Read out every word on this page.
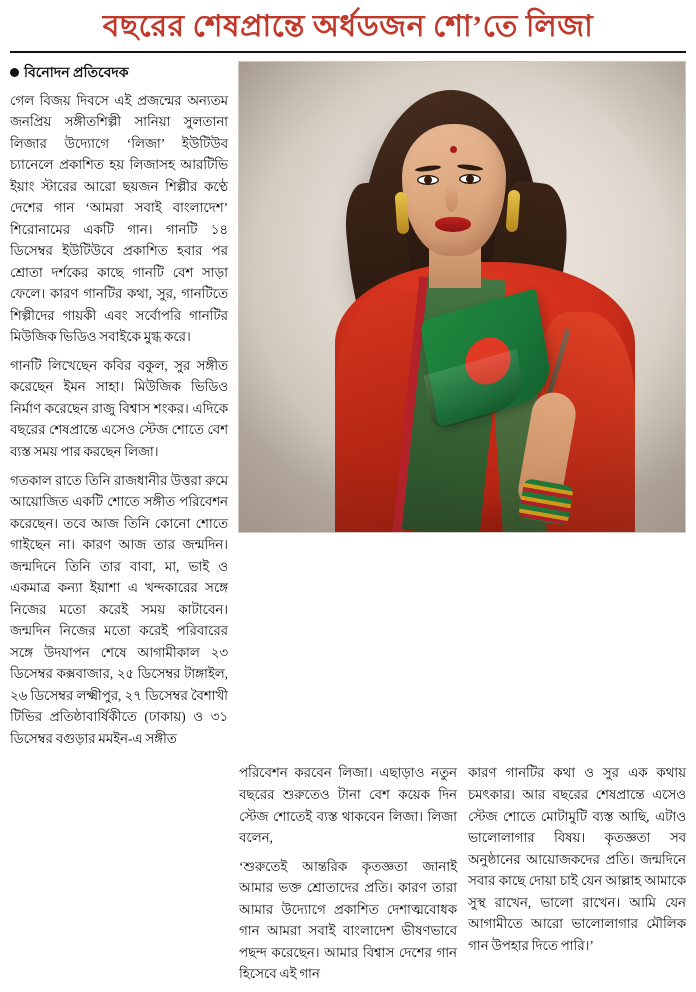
বছরের শেষপ্রান্তে অর্ধডজন শো’তে লিজা
বিনোদন প্রতিবেদক

গেল বিজয় দিবসে এই প্রজন্মের অন্যতম জনপ্রিয় সঙ্গীতশিল্পী সানিয়া সুলতানা লিজার উদ্যোগে ‘লিজা’ ইউটিউব চ্যানেলে প্রকাশিত হয় লিজাসহ আরটিভি ইয়াং স্টারের আরো ছয়জন শিল্পীর কণ্ঠে দেশের গান ‘আমরা সবাই বাংলাদেশ’ শিরোনামের একটি গান। গানটি ১৪ ডিসেম্বর ইউটিউবে প্রকাশিত হবার পর শ্রোতা দর্শকের কাছে গানটি বেশ সাড়া ফেলে। কারণ গানটির কথা, সুর, গানটিতে শিল্পীদের গায়কী এবং সর্বোপরি গানটির মিউজিক ভিডিও সবাইকে মুগ্ধ করে।

গানটি লিখেছেন কবির বকুল, সুর সঙ্গীত করেছেন ইমন সাহা। মিউজিক ভিডিও নির্মাণ করেছেন রাজু বিশ্বাস শংকর। এদিকে বছরের শেষপ্রান্তে এসেও স্টেজ শোতে বেশ ব্যস্ত সময় পার করছেন লিজা।

গতকাল রাতে তিনি রাজধানীর উত্তরা রুমে আয়োজিত একটি শোতে সঙ্গীত পরিবেশন করেছেন। তবে আজ তিনি কোনো শোতে গাইছেন না। কারণ আজ তার জন্মদিন। জন্মদিনে তিনি তার বাবা, মা, ভাই ও একমাত্র কন্যা ইয়াশা এ খন্দকারের সঙ্গে নিজের মতো করেই সময় কাটাবেন। জন্মদিন নিজের মতো করেই পরিবারের সঙ্গে উদযাপন শেষে আগামীকাল ২৩ ডিসেম্বর কক্সবাজার, ২৫ ডিসেম্বর টাঙ্গাইল, ২৬ ডিসেম্বর লক্ষ্মীপুর, ২৭ ডিসেম্বর বৈশাখী টিভির প্রতিষ্ঠাবার্ষিকীতে (ঢাকায়) ও ৩১ ডিসেম্বর বগুড়ার মমইন-এ সঙ্গীত

পরিবেশন করবেন লিজা। এছাড়াও নতুন বছরের শুরুতেও টানা বেশ কয়েক দিন স্টেজ শোতেই ব্যস্ত থাকবেন লিজা। লিজা বলেন,

‘শুরুতেই আন্তরিক কৃতজ্ঞতা জানাই আমার ভক্ত শ্রোতাদের প্রতি। কারণ তারা আমার উদ্যোগে প্রকাশিত দেশাত্মবোধক গান আমরা সবাই বাংলাদেশ ভীষণভাবে পছন্দ করেছেন। আমার বিশ্বাস দেশের গান হিসেবে এই গান

কারণ গানটির কথা ও সুর এক কথায় চমৎকার। আর বছরের শেষপ্রান্তে এসেও স্টেজ শোতে মোটামুটি ব্যস্ত আছি, এটাও ভালোলাগার বিষয়। কৃতজ্ঞতা সব অনুষ্ঠানের আয়োজকদের প্রতি। জন্মদিনে সবার কাছে দোয়া চাই যেন আল্লাহ আমাকে সুস্থ রাখেন, ভালো রাখেন। আমি যেন আগামীতে আরো ভালোলাগার মৌলিক গান উপহার দিতে পারি।’
